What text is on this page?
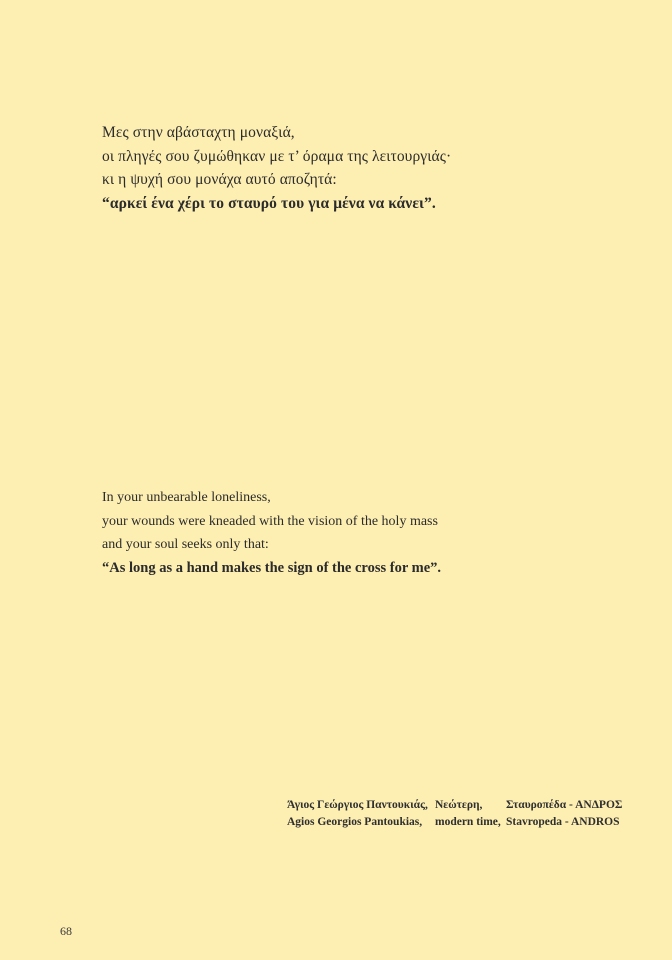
Μες στην αβάσταχτη μοναξιά,
οι πληγές σου ζυμώθηκαν με τ’ όραμα της λειτουργιάς·
κι η ψυχή σου μονάχα αυτό αποζητά:
“αρκεί ένα χέρι το σταυρό του για μένα να κάνει”.
In your unbearable loneliness,
your wounds were kneaded with the vision of the holy mass
and your soul seeks only that:
“As long as a hand makes the sign of the cross for me”.
Άγιος Γεώργιος Παντουκιάς, Νεώτερη,	Σταυροπέδα - ΑΝΔΡΟΣ
Agios Georgios Pantoukias,	modern time, Stavropeda - ANDROS
68
